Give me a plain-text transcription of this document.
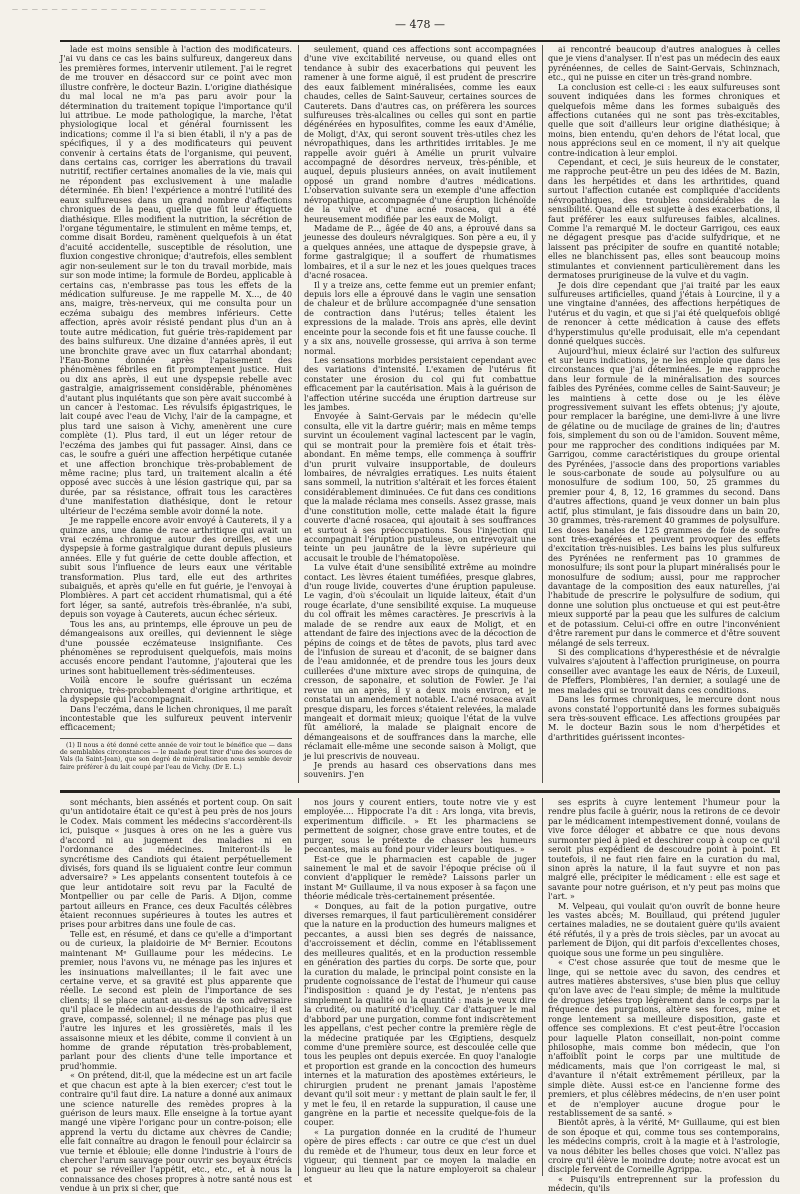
— — — — — — — — — — — — — — — — — — — — — — — — — —
— 478 —

lade est moins sensible à l'action des modificateurs. J'ai vu dans ce cas les bains sulfureux, dangereux dans les premières formes, intervenir utilement. J'ai le regret de me trouver en désaccord sur ce point avec mon illustre confrère, le docteur Bazin. L'origine diathésique du mal local ne m'a pas paru avoir pour la détermination du traitement topique l'importance qu'il lui attribue. Le mode pathologique, la marche, l'état physiologique local et général fournissent les indications; comme il l'a si bien établi, il n'y a pas de spécifiques, il y a des modificateurs qui peuvent convenir à certains états de l'organisme, qui peuvent, dans certains cas, corriger les aberrations du travail nutritif, rectifier certaines anomalies de la vie, mais qui ne répondent pas exclusivement à une maladie déterminée. Eh bien! l'expérience a montré l'utilité des eaux sulfureuses dans un grand nombre d'affections chroniques de la peau, quelle que fût leur étiquette diathésique. Elles modifient la nutrition, la sécrétion de l'organe tégumentaire, le stimulent en même temps, et, comme disait Bordeu, ramènent quelquefois à un état d'acuité accidentelle, susceptible de résolution, une fluxion congestive chronique; d'autrefois, elles semblent agir non-seulement sur le ton du travail morbide, mais sur son mode intime; la formule de Bordeu, applicable à certains cas, n'embrasse pas tous les effets de la médication sulfureuse. Je me rappelle M. X..., de 40 ans, maigre, très-nerveux, qui me consulta pour un eczéma subaigu des membres inférieurs. Cette affection, après avoir résisté pendant plus d'un an à toute autre médication, fut guérie très-rapidement par des bains sulfureux. Une dizaine d'années après, il eut une bronchite grave avec un flux catarrhal abondant; l'Eau-Bonne donnée après l'apaisement des phénomènes fébriles en fit promptement justice. Huit ou dix ans après, il eut une dyspepsie rebelle avec gastralgie, amaigrissement considérable, phénomènes d'autant plus inquiétants que son père avait succombé à un cancer à l'estomac. Les révulsifs épigastriques, le lait coupé avec l'eau de Vichy, l'air de la campagne, et plus tard une saison à Vichy, amenèrent une cure complète (1). Plus tard, il eut un léger retour de l'eczéma des jambes qui fut passager. Ainsi, dans ce cas, le soufre a guéri une affection herpétique cutanée et une affection bronchique très-probablement de même racine; plus tard, un traitement alcalin a été opposé avec succès à une lésion gastrique qui, par sa durée, par sa résistance, offrait tous les caractères d'une manifestation diathésique, dont le retour ultérieur de l'eczéma semble avoir donné la note.

Je me rappelle encore avoir envoyé à Cauterets, il y a quinze ans, une dame de race arthritique qui avait un vrai eczéma chronique autour des oreilles, et une dyspepsie à forme gastralgique durant depuis plusieurs années. Elle y fut guérie de cette double affection, et subit sous l'influence de leurs eaux une véritable transformation. Plus tard, elle eut des arthrites subaiguës, et après qu'elle en fut guérie, je l'envoyai à Plombières. A part cet accident rhumatismal, qui a été fort léger, sa santé, autrefois très-ébranlée, n'a subi, depuis son voyage à Cauterets, aucun échec sérieux.

Tous les ans, au printemps, elle éprouve un peu de démangeaisons aux oreilles, qui deviennent le siège d'une poussée eczémateuse insignifiante. Ces phénomènes se reproduisent quelquefois, mais moins accusés encore pendant l'automne, j'ajouterai que les urines sont habituellement très-sédimenteuses.

Voilà encore le soufre guérissant un eczéma chronique, très-probablement d'origine arthritique, et la dyspepsie qui l'accompagnait.

Dans l'eczéma, dans le lichen chroniques, il me paraît incontestable que les sulfureux peuvent intervenir efficacement;

(1) Il nous a été donné cette année de voir tout le bénéfice que — dans de semblables circonstances — le malade peut tirer d'une des sources de Vals (la Saint-Jean), que son degré de minéralisation nous semble devoir faire préférer à du lait coupé par l'eau de Vichy. (Dr E. L.)

seulement, quand ces affections sont accompagnées d'une vive excitabilité nerveuse, ou quand elles ont tendance à subir des exacerbations qui peuvent les ramener à une forme aiguë, il est prudent de prescrire des eaux faiblement minéralisées, comme les eaux chaudes, celles de Saint-Sauveur, certaines sources de Cauterets. Dans d'autres cas, on préfèrera les sources sulfureuses très-alcalines ou celles qui sont en partie dégénérées en hyposulfites, comme les eaux d'Amélie, de Moligt, d'Ax, qui seront souvent très-utiles chez les névropathiques, dans les arthritides irritables. Je me rappelle avoir guéri à Amélie un prurit vulvaire accompagné de désordres nerveux, très-pénible, et auquel, depuis plusieurs années, on avait inutilement opposé un grand nombre d'autres médications. L'observation suivante sera un exemple d'une affection névropathique, accompagnée d'une éruption lichénoïde de la vulve et d'une acné rosacea, qui a été heureusement modifiée par les eaux de Moligt.

Madame de P..., âgée de 40 ans, a éprouvé dans sa jeunesse des douleurs névralgiques. Son père a eu, il y a quelques années, une attaque de dyspepsie grave, à forme gastralgique; il a souffert de rhumatismes lombaires, et il a sur le nez et les joues quelques traces d'acné rosacea.

Il y a treize ans, cette femme eut un premier enfant; depuis lors elle a éprouvé dans le vagin une sensation de chaleur et de brûlure accompagnée d'une sensation de contraction dans l'utérus; telles étaient les expressions de la malade. Trois ans après, elle devint enceinte pour la seconde fois et fit une fausse couche. Il y a six ans, nouvelle grossesse, qui arriva à son terme normal.

Les sensations morbides persistaient cependant avec des variations d'intensité. L'examen de l'utérus fit constater une érosion du col qui fut combattue efficacement par la cautérisation. Mais à la guérison de l'affection utérine succéda une éruption dartreuse sur les jambes.

Envoyée à Saint-Gervais par le médecin qu'elle consulta, elle vit la dartre guérir; mais en même temps survint un écoulement vaginal lactescent par le vagin, qui se montrait pour la première fois et était très-abondant. En même temps, elle commença à souffrir d'un prurit vulvaire insupportable, de douleurs lombaires, de névralgies erratiques. Les nuits étaient sans sommeil, la nutrition s'altérait et les forces étaient considérablement diminuées. Ce fut dans ces conditions que la malade réclama mes conseils. Assez grasse, mais d'une constitution molle, cette malade était la figure couverte d'acné rosacea, qui ajoutait à ses souffrances et surtout à ses préoccupations. Sous l'injection qui accompagnait l'éruption pustuleuse, on entrevoyait une teinte un peu jaunâtre de la lèvre supérieure qui accusait le trouble de l'hématopoïèse.

La vulve était d'une sensibilité extrême au moindre contact. Les lèvres étaient tuméfiées, presque glabres, d'un rouge livide, couvertes d'une éruption papuleuse. Le vagin, d'où s'écoulait un liquide laiteux, était d'un rouge écarlate, d'une sensibilité exquise. La muqueuse du col offrait les mêmes caractères. Je prescrivis à la malade de se rendre aux eaux de Moligt, et en attendant de faire des injections avec de la décoction de pépins de coings et de têtes de pavots, plus tard avec de l'infusion de sureau et d'aconit, de se baigner dans de l'eau amidonnée, et de prendre tous les jours deux cuillerées d'une mixture avec sirops de quinquina, de cresson, de saponaire, et solution de Fowler. Je l'ai revue un an après, il y a deux mois environ, et je constatai un amendement notable. L'acné rosacea avait presque disparu, les forces s'étaient relevées, la malade mangeait et dormait mieux; quoique l'état de la vulve fût amélioré, la malade se plaignait encore de démangeaisons et de souffrances dans la marche, elle réclamait elle-même une seconde saison à Moligt, que je lui prescrivis de nouveau.

Je prends au hasard ces observations dans mes souvenirs. J'en

ai rencontré beaucoup d'autres analogues à celles que je viens d'analyser. Il n'est pas un médecin des eaux pyrénéennes, de celles de Saint-Gervais, Schinznach, etc., qui ne puisse en citer un très-grand nombre.

La conclusion est celle-ci : les eaux sulfureuses sont souvent indiquées dans les formes chroniques et quelquefois même dans les formes subaiguës des affections cutanées qui ne sont pas très-excitables, quelle que soit d'ailleurs leur origine diathésique; à moins, bien entendu, qu'en dehors de l'état local, que nous apprécions seul en ce moment, il n'y ait quelque contre-indication à leur emploi.

Cependant, et ceci, je suis heureux de le constater, me rapproche peut-être un peu des idées de M. Bazin, dans les herpétides et dans les arthritides, quand surtout l'affection cutanée est compliquée d'accidents névropathiques, des troubles considérables de la sensibilité. Quand elle est sujette à des exacerbations, il faut préférer les eaux sulfureuses faibles, alcalines. Comme l'a remarqué M. le docteur Garrigou, ces eaux ne dégagent presque pas d'acide sulfydrique, et ne laissent pas précipiter de soufre en quantité notable; elles ne blanchissent pas, elles sont beaucoup moins stimulantes et conviennent particulièrement dans les dermatoses prurigineuse de la vulve et du vagin.

Je dois dire cependant que j'ai traité par les eaux sulfureuses artificielles, quand j'étais à Lourcine, il y a une vingtaine d'années, des affections herpétiques de l'utérus et du vagin, et que si j'ai été quelquefois obligé de renoncer à cette médication à cause des effets d'hyperstimulus qu'elle produisait, elle m'a cependant donné quelques succès.

Aujourd'hui, mieux éclairé sur l'action des sulfureux et sur leurs indications, je ne les emploie que dans les circonstances que j'ai déterminées. Je me rapproche dans leur formule de la minéralisation des sources faibles des Pyrénées, comme celles de Saint-Sauveur; je les maintiens à cette dose ou je les élève progressivement suivant les effets obtenus; j'y ajoute, pour remplacer la barégine, une demi-livre à une livre de gélatine ou de mucilage de graines de lin; d'autres fois, simplement du son ou de l'amidon. Souvent même, pour me rapprocher des conditions indiquées par M. Garrigou, comme caractéristiques du groupe oriental des Pyrénées, j'associe dans des proportions variables le sous-carbonate de soude au polysulfure ou au monosulfure de sodium 100, 50, 25 grammes du premier pour 4, 8, 12, 16 grammes du second. Dans d'autres affections, quand je veux donner un bain plus actif, plus stimulant, je fais dissoudre dans un bain 20, 30 grammes, très-rarement 40 grammes de polysulfure. Les doses banales de 125 grammes de foie de soufre sont très-exagérées et peuvent provoquer des effets d'excitation très-nuisibles. Les bains les plus sulfureux des Pyrénées ne renferment pas 10 grammes de monosulfure; ils sont pour la plupart minéralisés pour le monosulfure de sodium; aussi, pour me rapprocher davantage de la composition des eaux naturelles, j'ai l'habitude de prescrire le polysulfure de sodium, qui donne une solution plus onctueuse et qui est peut-être mieux supporté par la peau que les sulfures de calcium et de potassium. Celui-ci offre en outre l'inconvénient d'être rarement pur dans le commerce et d'être souvent mélangé de sels terreux.

Si des complications d'hyperesthésie et de névralgie vulvaires s'ajoutent à l'affection prurigineuse, on pourra conseiller avec avantage les eaux de Néris, de Luxeuil, de Pfeffers, Plombières, l'an dernier, a soulagé une de mes malades qui se trouvait dans ces conditions.

Dans les formes chroniques, le mercure dont nous avons constaté l'opportunité dans les formes subaiguës sera très-souvent efficace. Les affections groupées par M. le docteur Bazin sous le nom d'herpétides et d'arthritides guérissent incontes-

sont méchants, bien assénés et portent coup. On sait qu'un antidotaire était ce qu'est à peu près de nos jours le Codex. Mais comment les médecins s'accordèrent-ils ici, puisque « jusques à ores on ne les a guère vus d'accord ni au jugement des maladies ni en l'ordonnance des médecines. Imiteront-ils le syncrétisme des Candiots qui étaient perpétuellement divisés, fors quand ils se liguaient contre leur commun adversaire? » Les appelants consentent toutefois à ce que leur antidotaire soit revu par la Faculté de Montpellier ou par celle de Paris. A Dijon, comme partout ailleurs en France, ces deux Facultés célèbres étaient reconnues supérieures à toutes les autres et prises pour arbitres dans une foule de cas.

Telle est, en résumé, et dans ce qu'elle a d'important ou de curieux, la plaidoirie de Mᵉ Bernier. Ecoutons maintenant Mᵉ Guillaume pour les médecins. Le premier, nous l'avons vu, ne ménage pas les injures et les insinuations malveillantes; il le fait avec une certaine verve, et sa gravité est plus apparente que réelle. Le second est plein de l'importance de ses clients; il se place autant au-dessus de son adversaire qu'il place le médecin au-dessus de l'apothicaire; il est grave, compassé, solennel; il ne ménage pas plus que l'autre les injures et les grossièretés, mais il les assaisonne mieux et les débite, comme il convient à un homme de grande réputation très-probablement, parlant pour des clients d'une telle importance et prud'hommie.

« On prétend, dit-il, que la médecine est un art facile et que chacun est apte à la bien exercer; c'est tout le contraire qu'il faut dire. La nature a donné aux animaux une science naturelle des remèdes propres à la guérison de leurs maux. Elle enseigne à la tortue ayant mangé une vipère l'origanc pour un contre-poison; elle apprend la vertu du dictame aux chèvres de Candie; elle fait connaître au dragon le fenouil pour éclaircir sa vue ternie et éblouie; elle donne l'industrie à l'ours de chercher l'arum sauvage pour ouvrir ses boyaux étrécis et pour se réveiller l'appétit, etc., etc., et à nous la connaissance des choses propres à notre santé nous est vendue à un prix si cher, que

nos jours y courent entiers, toute notre vie y est employée.... Hippocrate l'a dit : Ars longa, vita brevis, experimentum difficile. » Et les pharmaciens se permettent de soigner, chose grave entre toutes, et de purger, sous le prétexte de chasser les humeurs peccantes, mais au fond pour vider leurs boutiques. »

Est-ce que le pharmacien est capable de juger sainement le mal et de savoir l'époque précise où il convient d'appliquer le remède? Laissons parler un instant Mᵉ Guillaume, il va nous exposer à sa façon une théorie médicale très-certainement présentée.

« Donques, au fait de la potion purgative, outre diverses remarques, il faut particulièrement considérer que la nature en la production des humeurs malignes et peccantes, a aussi bien ses degrés de naissance, d'accroissement et déclin, comme en l'établissement des meilleures qualités, et en la production ressemble en génération des parties du corps. De sorte que, pour la curation du malade, le principal point consiste en la prudente cognoissance de l'estat de l'humeur qui cause l'indisposition : quand je dy l'estat, je n'entens pas simplement la qualité ou la quantité : mais je veux dire la crudité, ou maturité d'icelluy. Car d'attaquer le mal d'abbord par une purgation, comme font indiscrètement les appellans, c'est pecher contre la première règle de la médecine pratiquée par les Œgiptiens, desquelz comme d'une première source, est descoulée celle que tous les peuples ont depuis exercée. En quoy l'analogie et proportion est grande en la concoction des humeurs internes et la maturation des apostèmes extérieurs, le chirurgien prudent ne prenant jamais l'apostème devant qu'il soit meur : y mettant de plain sault le fer, il y met le feu, il en retarde la suppuration, il cause une gangrène en la partie et necessite quelque-fois de la couper.

« La purgation donnée en la crudité de l'humeur opère de pires effects : car outre ce que c'est un duel du remède et de l'humeur, tous deux en leur force et vigueur, qui tiennent par ce moyen la maladie en longueur au lieu que la nature employeroit sa chaleur et

ses esprits à cuyre lentement l'humeur pour la rendre plus facile à guérir, nous la retirons de ce devoir par le médicament intempestivement donné, voulans de vive force déloger et abbatre ce que nous devons surmonter pied à pied et deschirer coup à coup ce qu'il seroit plus expédient de descoudre point à point. Et toutefois, il ne faut rien faire en la curation du mal, sinon après la nature, il la faut suyvre et non pas malgré elle, précipiter le médicament : elle est sage et savante pour notre guérison, et n'y peut pas moins que l'art. »

M. Velpeau, qui voulait qu'on ouvrît de bonne heure les vastes abcès; M. Bouillaud, qui prétend juguler certaines maladies, ne se doutaient guère qu'ils avaient été réfutés, il y a près de trois siècles, par un avocat au parlement de Dijon, qui dit parfois d'excellentes choses, quoique sous une forme un peu singulière.

« C'est chose assurée que tout de mesme que le linge, qui se nettoie avec du savon, des cendres et autres matières abstersives, s'use bien plus que celluy qu'on lave avec de l'eau simple; de même la multitude de drogues jetées trop légèrement dans le corps par la fréquence des purgations, altère ses forces, mine et ronge lentement sa meilleure disposition, gaste et offence ses complexions. Et c'est peut-être l'occasion pour laquelle Platon conseillait, non-point comme philosophe, mais comme bon médecin, que l'on n'affoiblît point le corps par une multitude de médicaments, mais que l'on corrigeast le mal, si d'avanture il n'était extrêmement périlleux, par la simple diète. Aussi est-ce en l'ancienne forme des premiers, et plus célèbres médecins, de n'en user point et de n'employer aucune drogue pour le restablissement de sa santé. »

Bientôt après, à la vérité, Mᵉ Guillaume, qui est bien de son époque et qui, comme tous ses contemporains, les médecins compris, croit à la magie et à l'astrologie, va nous débiter les belles choses que voici. N'allez pas croire qu'il élève le moindre doute; notre avocat est un disciple fervent de Corneille Agrippa.

« Puisqu'ils entreprennent sur la profession du médecin, qu'ils
